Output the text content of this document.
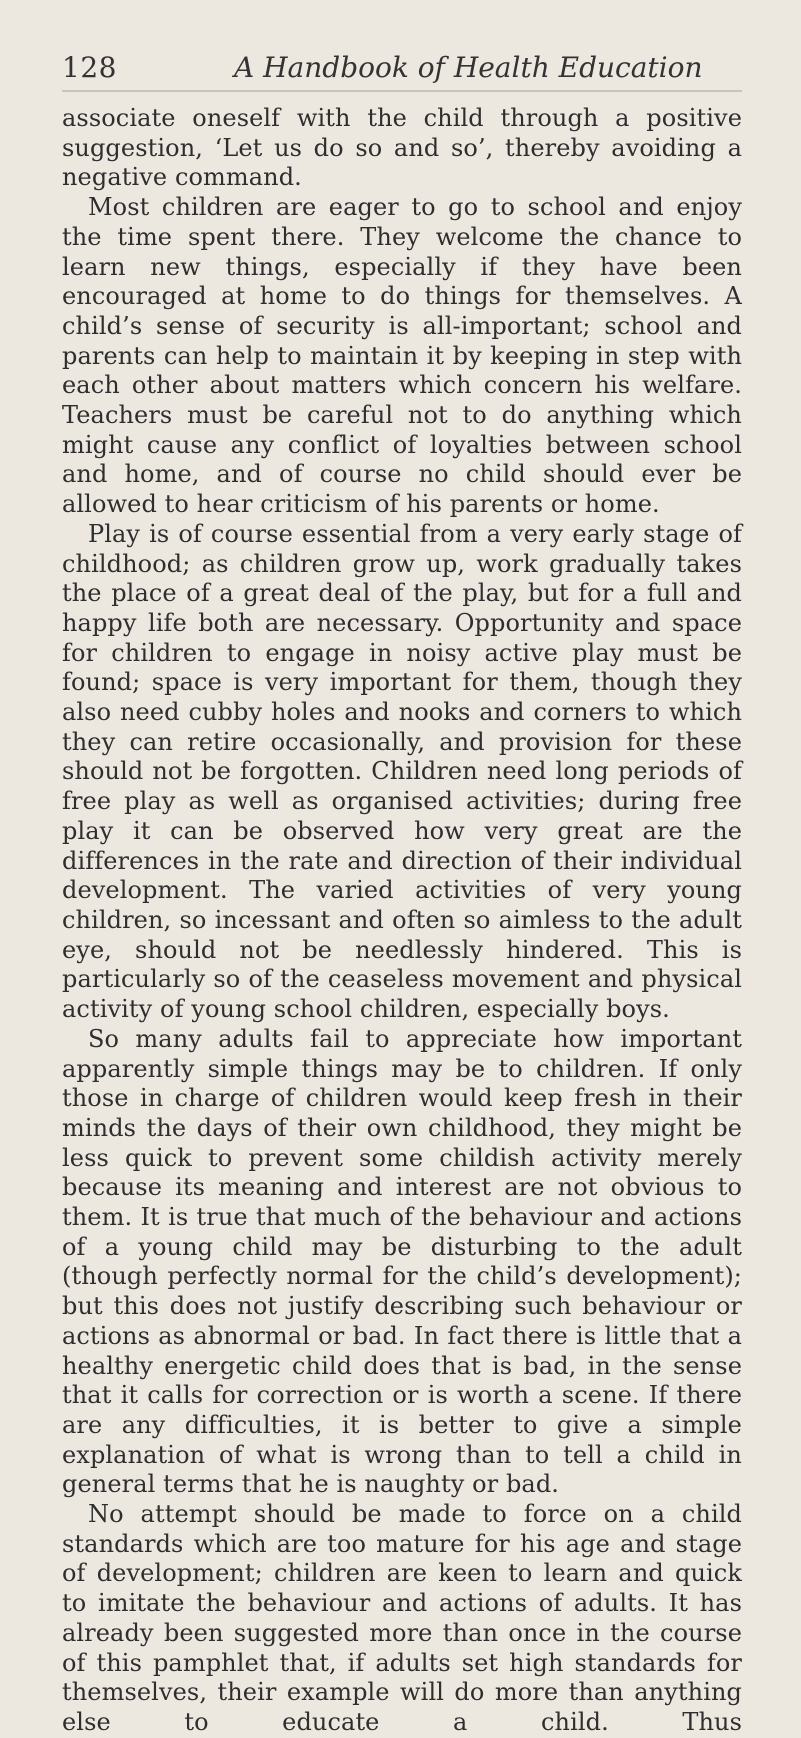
128	A Handbook of Health Education

associate oneself with the child through a positive suggestion, ‘Let us do so and so’, thereby avoiding a negative command.

Most children are eager to go to school and enjoy the time spent there. They welcome the chance to learn new things, especially if they have been encouraged at home to do things for themselves. A child’s sense of security is all-important; school and parents can help to maintain it by keeping in step with each other about matters which concern his welfare. Teachers must be careful not to do anything which might cause any conflict of loyalties between school and home, and of course no child should ever be allowed to hear criticism of his parents or home.

Play is of course essential from a very early stage of childhood; as children grow up, work gradually takes the place of a great deal of the play, but for a full and happy life both are necessary. Opportunity and space for children to engage in noisy active play must be found; space is very important for them, though they also need cubby holes and nooks and corners to which they can retire occasionally, and provision for these should not be forgotten. Children need long periods of free play as well as organised activities; during free play it can be observed how very great are the differences in the rate and direction of their individual development. The varied activities of very young children, so incessant and often so aimless to the adult eye, should not be needlessly hindered. This is particularly so of the ceaseless movement and physical activity of young school children, especially boys.

So many adults fail to appreciate how important apparently simple things may be to children. If only those in charge of children would keep fresh in their minds the days of their own childhood, they might be less quick to prevent some childish activity merely because its meaning and interest are not obvious to them. It is true that much of the behaviour and actions of a young child may be disturbing to the adult (though perfectly normal for the child’s development); but this does not justify describing such behaviour or actions as abnormal or bad. In fact there is little that a healthy energetic child does that is bad, in the sense that it calls for correction or is worth a scene. If there are any difficulties, it is better to give a simple explanation of what is wrong than to tell a child in general terms that he is naughty or bad.

No attempt should be made to force on a child standards which are too mature for his age and stage of development; children are keen to learn and quick to imitate the behaviour and actions of adults. It has already been suggested more than once in the course of this pamphlet that, if adults set high standards for themselves, their example will do more than anything else to educate a child. Thus
